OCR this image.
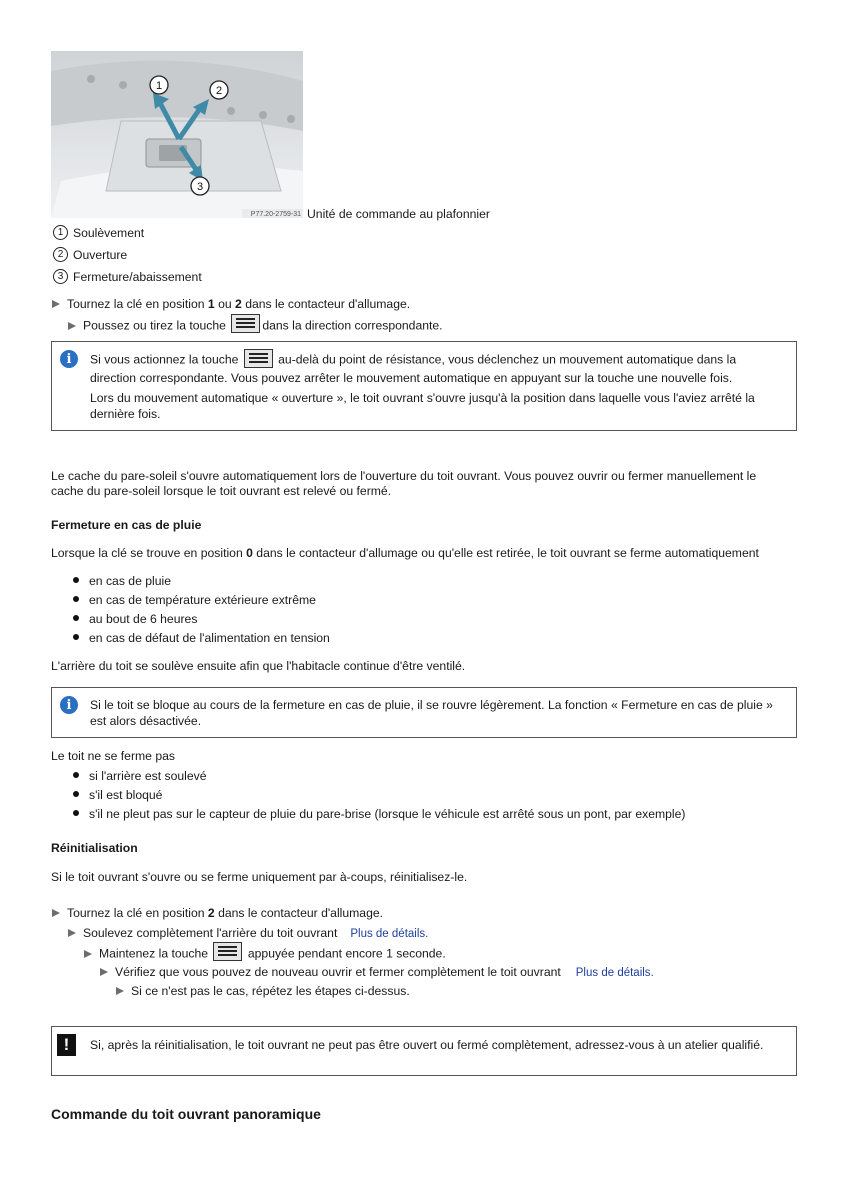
1	2
3
P77.20-2759-31 Unité de commande au plafonnier
1 Soulèvement
2 Ouverture
3 Fermeture/abaissement
Tournez la clé en position 1 ou 2 dans le contacteur d'allumage.
Poussez ou tirez la touche	dans la direction correspondante.
i	Si vous actionnez la touche	au-delà du point de résistance, vous déclenchez un mouvement automatique dans la direction correspondante. Vous pouvez arrêter le mouvement automatique en appuyant sur la touche une nouvelle fois.
Lors du mouvement automatique « ouverture », le toit ouvrant s'ouvre jusqu'à la position dans laquelle vous l'aviez arrêté la dernière fois.
Le cache du pare-soleil s'ouvre automatiquement lors de l'ouverture du toit ouvrant. Vous pouvez ouvrir ou fermer manuellement le
cache du pare-soleil lorsque le toit ouvrant est relevé ou fermé.
Fermeture en cas de pluie
Lorsque la clé se trouve en position 0 dans le contacteur d'allumage ou qu'elle est retirée, le toit ouvrant se ferme automatiquement
en cas de pluie
en cas de température extérieure extrême
au bout de 6 heures
en cas de défaut de l'alimentation en tension
L'arrière du toit se soulève ensuite afin que l'habitacle continue d'être ventilé.
i	Si le toit se bloque au cours de la fermeture en cas de pluie, il se rouvre légèrement. La fonction « Fermeture en cas de pluie » est alors désactivée.
Le toit ne se ferme pas
si l'arrière est soulevé
s'il est bloqué
s'il ne pleut pas sur le capteur de pluie du pare-brise (lorsque le véhicule est arrêté sous un pont, par exemple)
Réinitialisation
Si le toit ouvrant s'ouvre ou se ferme uniquement par à-coups, réinitialisez-le.
Tournez la clé en position 2 dans le contacteur d'allumage.
Soulevez complètement l'arrière du toit ouvrant Plus de détails.
Maintenez la touche	appuyée pendant encore 1 seconde.
Vérifiez que vous pouvez de nouveau ouvrir et fermer complètement le toit ouvrant Plus de détails.
Si ce n'est pas le cas, répétez les étapes ci-dessus.
!	Si, après la réinitialisation, le toit ouvrant ne peut pas être ouvert ou fermé complètement, adressez-vous à un atelier qualifié.
Commande du toit ouvrant panoramique
